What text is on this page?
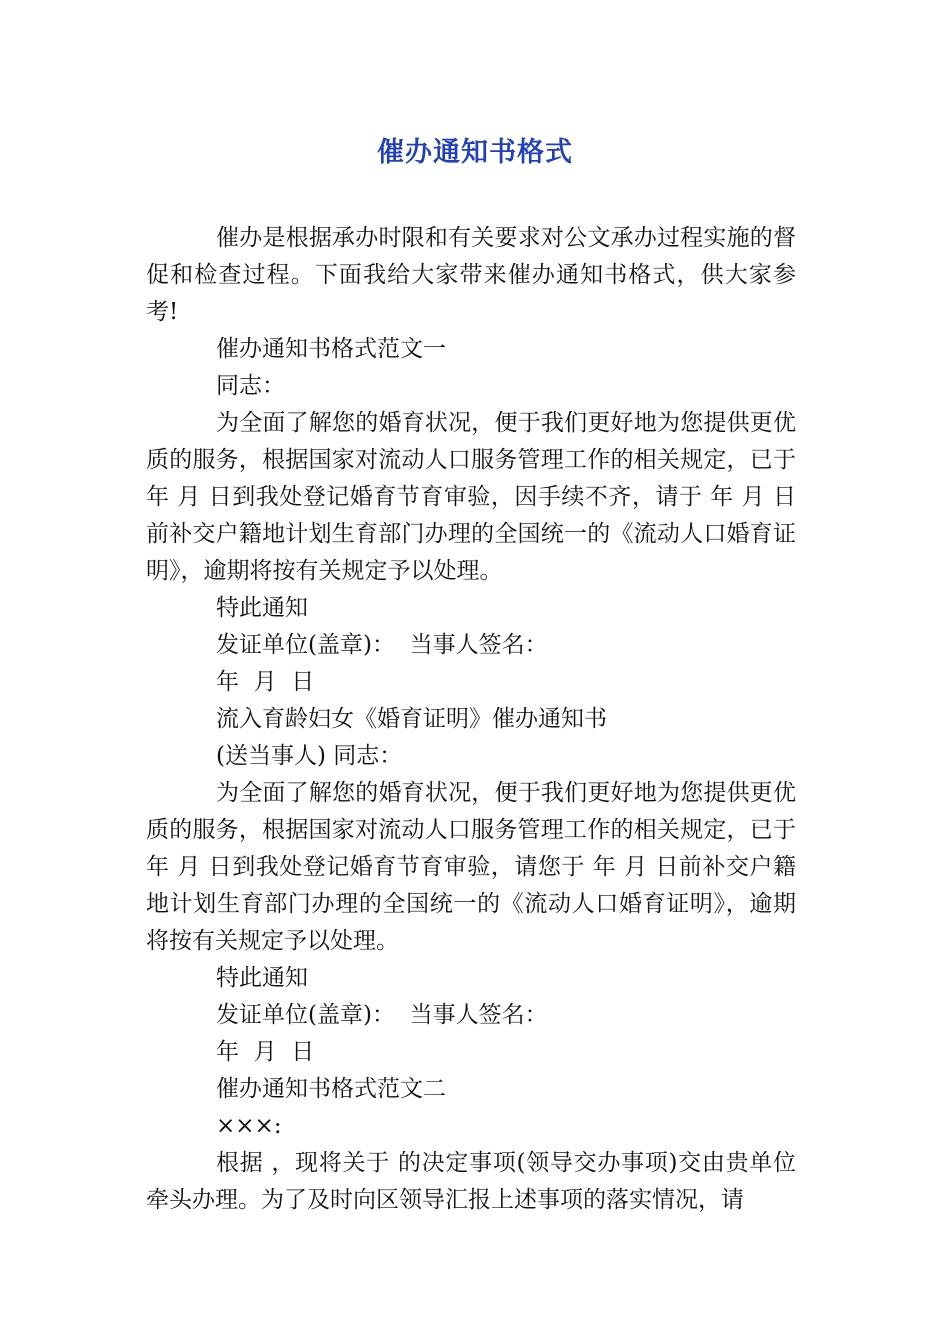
催办通知书格式

催办是根据承办时限和有关要求对公文承办过程实施的督促和检查过程。下面我给大家带来催办通知书格式，供大家参考!

催办通知书格式范文一

同志：

为全面了解您的婚育状况，便于我们更好地为您提供更优质的服务，根据国家对流动人口服务管理工作的相关规定，已于 年 月 日到我处登记婚育节育审验，因手续不齐，请于 年 月 日前补交户籍地计划生育部门办理的全国统一的《流动人口婚育证明》，逾期将按有关规定予以处理。

特此通知

发证单位(盖章)：  当事人签名：

年  月  日

流入育龄妇女《婚育证明》催办通知书

(送当事人) 同志：

为全面了解您的婚育状况，便于我们更好地为您提供更优质的服务，根据国家对流动人口服务管理工作的相关规定，已于 年 月 日到我处登记婚育节育审验，请您于 年 月 日前补交户籍地计划生育部门办理的全国统一的《流动人口婚育证明》，逾期将按有关规定予以处理。

特此通知

发证单位(盖章)：  当事人签名：

年  月  日

催办通知书格式范文二

×××:

根据 ，现将关于 的决定事项(领导交办事项)交由贵单位牵头办理。为了及时向区领导汇报上述事项的落实情况，请
